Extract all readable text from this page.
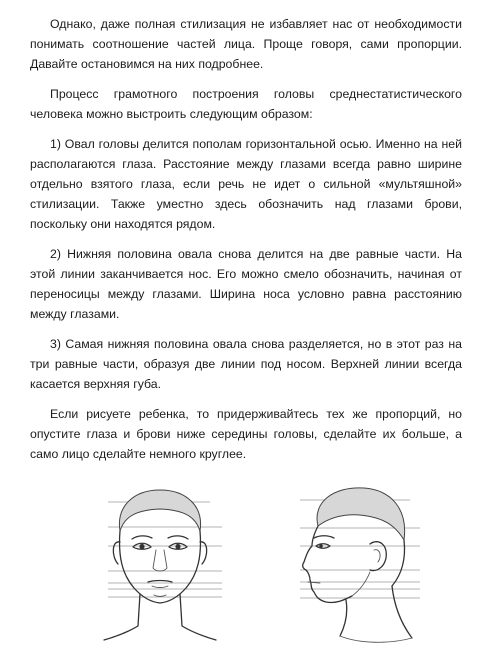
Однако, даже полная стилизация не избавляет нас от необходимости понимать соотношение частей лица. Проще говоря, сами пропорции. Давайте остановимся на них подробнее.

Процесс грамотного построения головы среднестатистического человека можно выстроить следующим образом:

1) Овал головы делится пополам горизонтальной осью. Именно на ней располагаются глаза. Расстояние между глазами всегда равно ширине отдельно взятого глаза, если речь не идет о сильной «мультяшной» стилизации. Также уместно здесь обозначить над глазами брови, поскольку они находятся рядом.

2) Нижняя половина овала снова делится на две равные части. На этой линии заканчивается нос. Его можно смело обозначить, начиная от переносицы между глазами. Ширина носа условно равна расстоянию между глазами.

3) Самая нижняя половина овала снова разделяется, но в этот раз на три равные части, образуя две линии под носом. Верхней линии всегда касается верхняя губа.

Если рисуете ребенка, то придерживайтесь тех же пропорций, но опустите глаза и брови ниже середины головы, сделайте их больше, а само лицо сделайте немного круглее.
